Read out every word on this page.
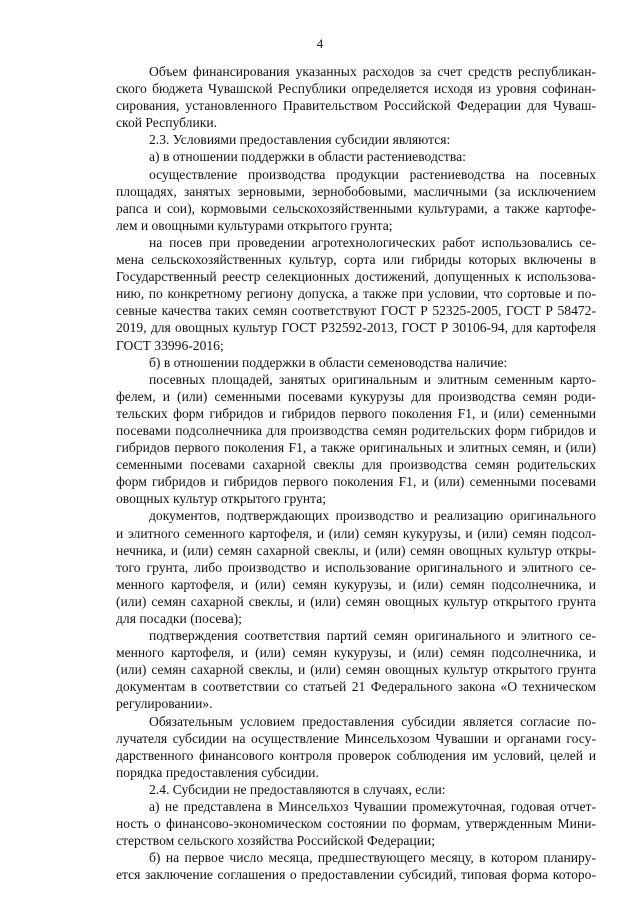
4
Объем финансирования указанных расходов за счет средств республикан-
ского бюджета Чувашской Республики определяется исходя из уровня софинан-
сирования, установленного Правительством Российской Федерации для Чуваш-
ской Республики.
2.3. Условиями предоставления субсидии являются:
а) в отношении поддержки в области растениеводства:
осуществление производства продукции растениеводства на посевных
площадях, занятых зерновыми, зернобобовыми, масличными (за исключением
рапса и сои), кормовыми сельскохозяйственными культурами, а также картофе-
лем и овощными культурами открытого грунта;
на посев при проведении агротехнологических работ использовались се-
мена сельскохозяйственных культур, сорта или гибриды которых включены в
Государственный реестр селекционных достижений, допущенных к использова-
нию, по конкретному региону допуска, а также при условии, что сортовые и по-
севные качества таких семян соответствуют ГОСТ Р 52325-2005, ГОСТ Р 58472-
2019, для овощных культур ГОСТ Р32592-2013, ГОСТ Р 30106-94, для картофеля
ГОСТ 33996-2016;
б) в отношении поддержки в области семеноводства наличие:
посевных площадей, занятых оригинальным и элитным семенным карто-
фелем, и (или) семенными посевами кукурузы для производства семян роди-
тельских форм гибридов и гибридов первого поколения F1, и (или) семенными
посевами подсолнечника для производства семян родительских форм гибридов и
гибридов первого поколения F1, а также оригинальных и элитных семян, и (или)
семенными посевами сахарной свеклы для производства семян родительских
форм гибридов и гибридов первого поколения F1, и (или) семенными посевами
овощных культур открытого грунта;
документов, подтверждающих производство и реализацию оригинального
и элитного семенного картофеля, и (или) семян кукурузы, и (или) семян подсол-
нечника, и (или) семян сахарной свеклы, и (или) семян овощных культур откры-
того грунта, либо производство и использование оригинального и элитного се-
менного картофеля, и (или) семян кукурузы, и (или) семян подсолнечника, и
(или) семян сахарной свеклы, и (или) семян овощных культур открытого грунта
для посадки (посева);
подтверждения соответствия партий семян оригинального и элитного се-
менного картофеля, и (или) семян кукурузы, и (или) семян подсолнечника, и
(или) семян сахарной свеклы, и (или) семян овощных культур открытого грунта
документам в соответствии со статьей 21 Федерального закона «О техническом
регулировании».
Обязательным условием предоставления субсидии является согласие по-
лучателя субсидии на осуществление Минсельхозом Чувашии и органами госу-
дарственного финансового контроля проверок соблюдения им условий, целей и
порядка предоставления субсидии.
2.4. Субсидии не предоставляются в случаях, если:
а) не представлена в Минсельхоз Чувашии промежуточная, годовая отчет-
ность о финансово-экономическом состоянии по формам, утвержденным Мини-
стерством сельского хозяйства Российской Федерации;
б) на первое число месяца, предшествующего месяцу, в котором планиру-
ется заключение соглашения о предоставлении субсидий, типовая форма которо-
